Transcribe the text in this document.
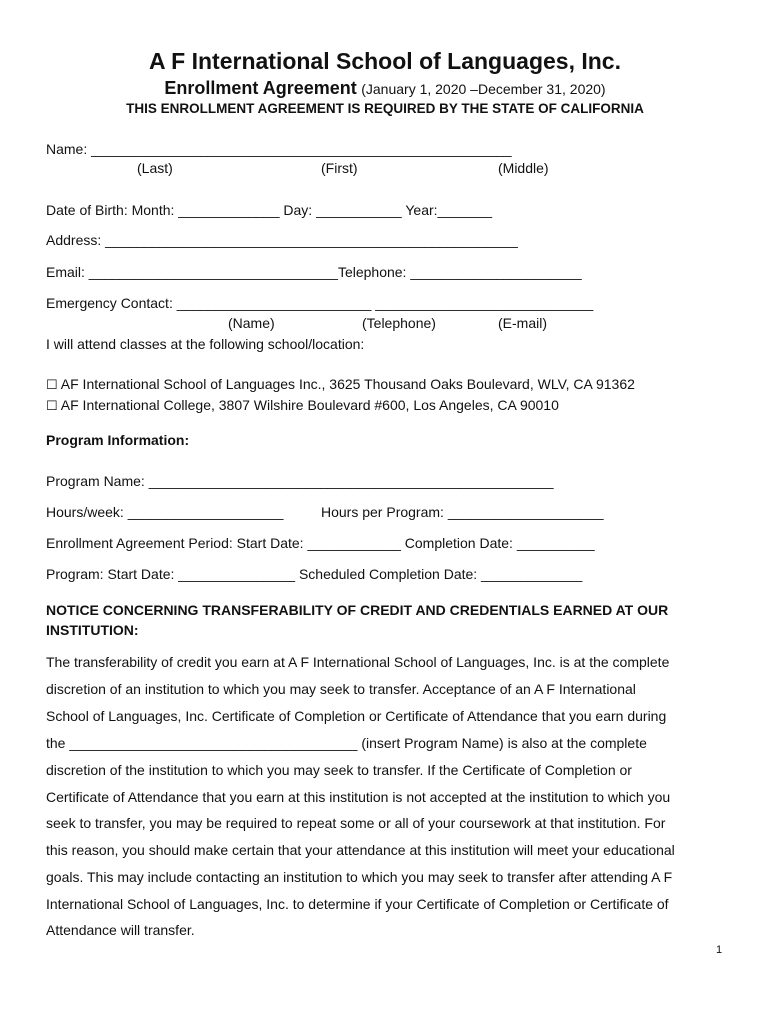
A F International School of Languages, Inc.
Enrollment Agreement (January 1, 2020 –December 31, 2020)
THIS ENROLLMENT AGREEMENT IS REQUIRED BY THE STATE OF CALIFORNIA
Name: ______________________________________________________
(Last)	(First)	(Middle)
Date of Birth: Month: _____________ Day: ___________ Year:_______
Address: _____________________________________________________
Email: ________________________________Telephone: ______________________
Emergency Contact: _________________________ ____________________________
(Name)	(Telephone)	(E-mail)
I will attend classes at the following school/location:
☐ AF International School of Languages Inc., 3625 Thousand Oaks Boulevard, WLV, CA 91362
☐ AF International College, 3807 Wilshire Boulevard #600, Los Angeles, CA 90010
Program Information:
Program Name: ____________________________________________________
Hours/week: ____________________	Hours per Program: ____________________
Enrollment Agreement Period: Start Date: ____________ Completion Date: __________
Program: Start Date: _______________ Scheduled Completion Date: _____________
NOTICE CONCERNING TRANSFERABILITY OF CREDIT AND CREDENTIALS EARNED AT OUR
INSTITUTION:
The transferability of credit you earn at A F International School of Languages, Inc. is at the complete
discretion of an institution to which you may seek to transfer. Acceptance of an A F International
School of Languages, Inc. Certificate of Completion or Certificate of Attendance that you earn during
the _____________________________________ (insert Program Name) is also at the complete
discretion of the institution to which you may seek to transfer. If the Certificate of Completion or
Certificate of Attendance that you earn at this institution is not accepted at the institution to which you
seek to transfer, you may be required to repeat some or all of your coursework at that institution. For
this reason, you should make certain that your attendance at this institution will meet your educational
goals. This may include contacting an institution to which you may seek to transfer after attending A F
International School of Languages, Inc. to determine if your Certificate of Completion or Certificate of
Attendance will transfer.
1
